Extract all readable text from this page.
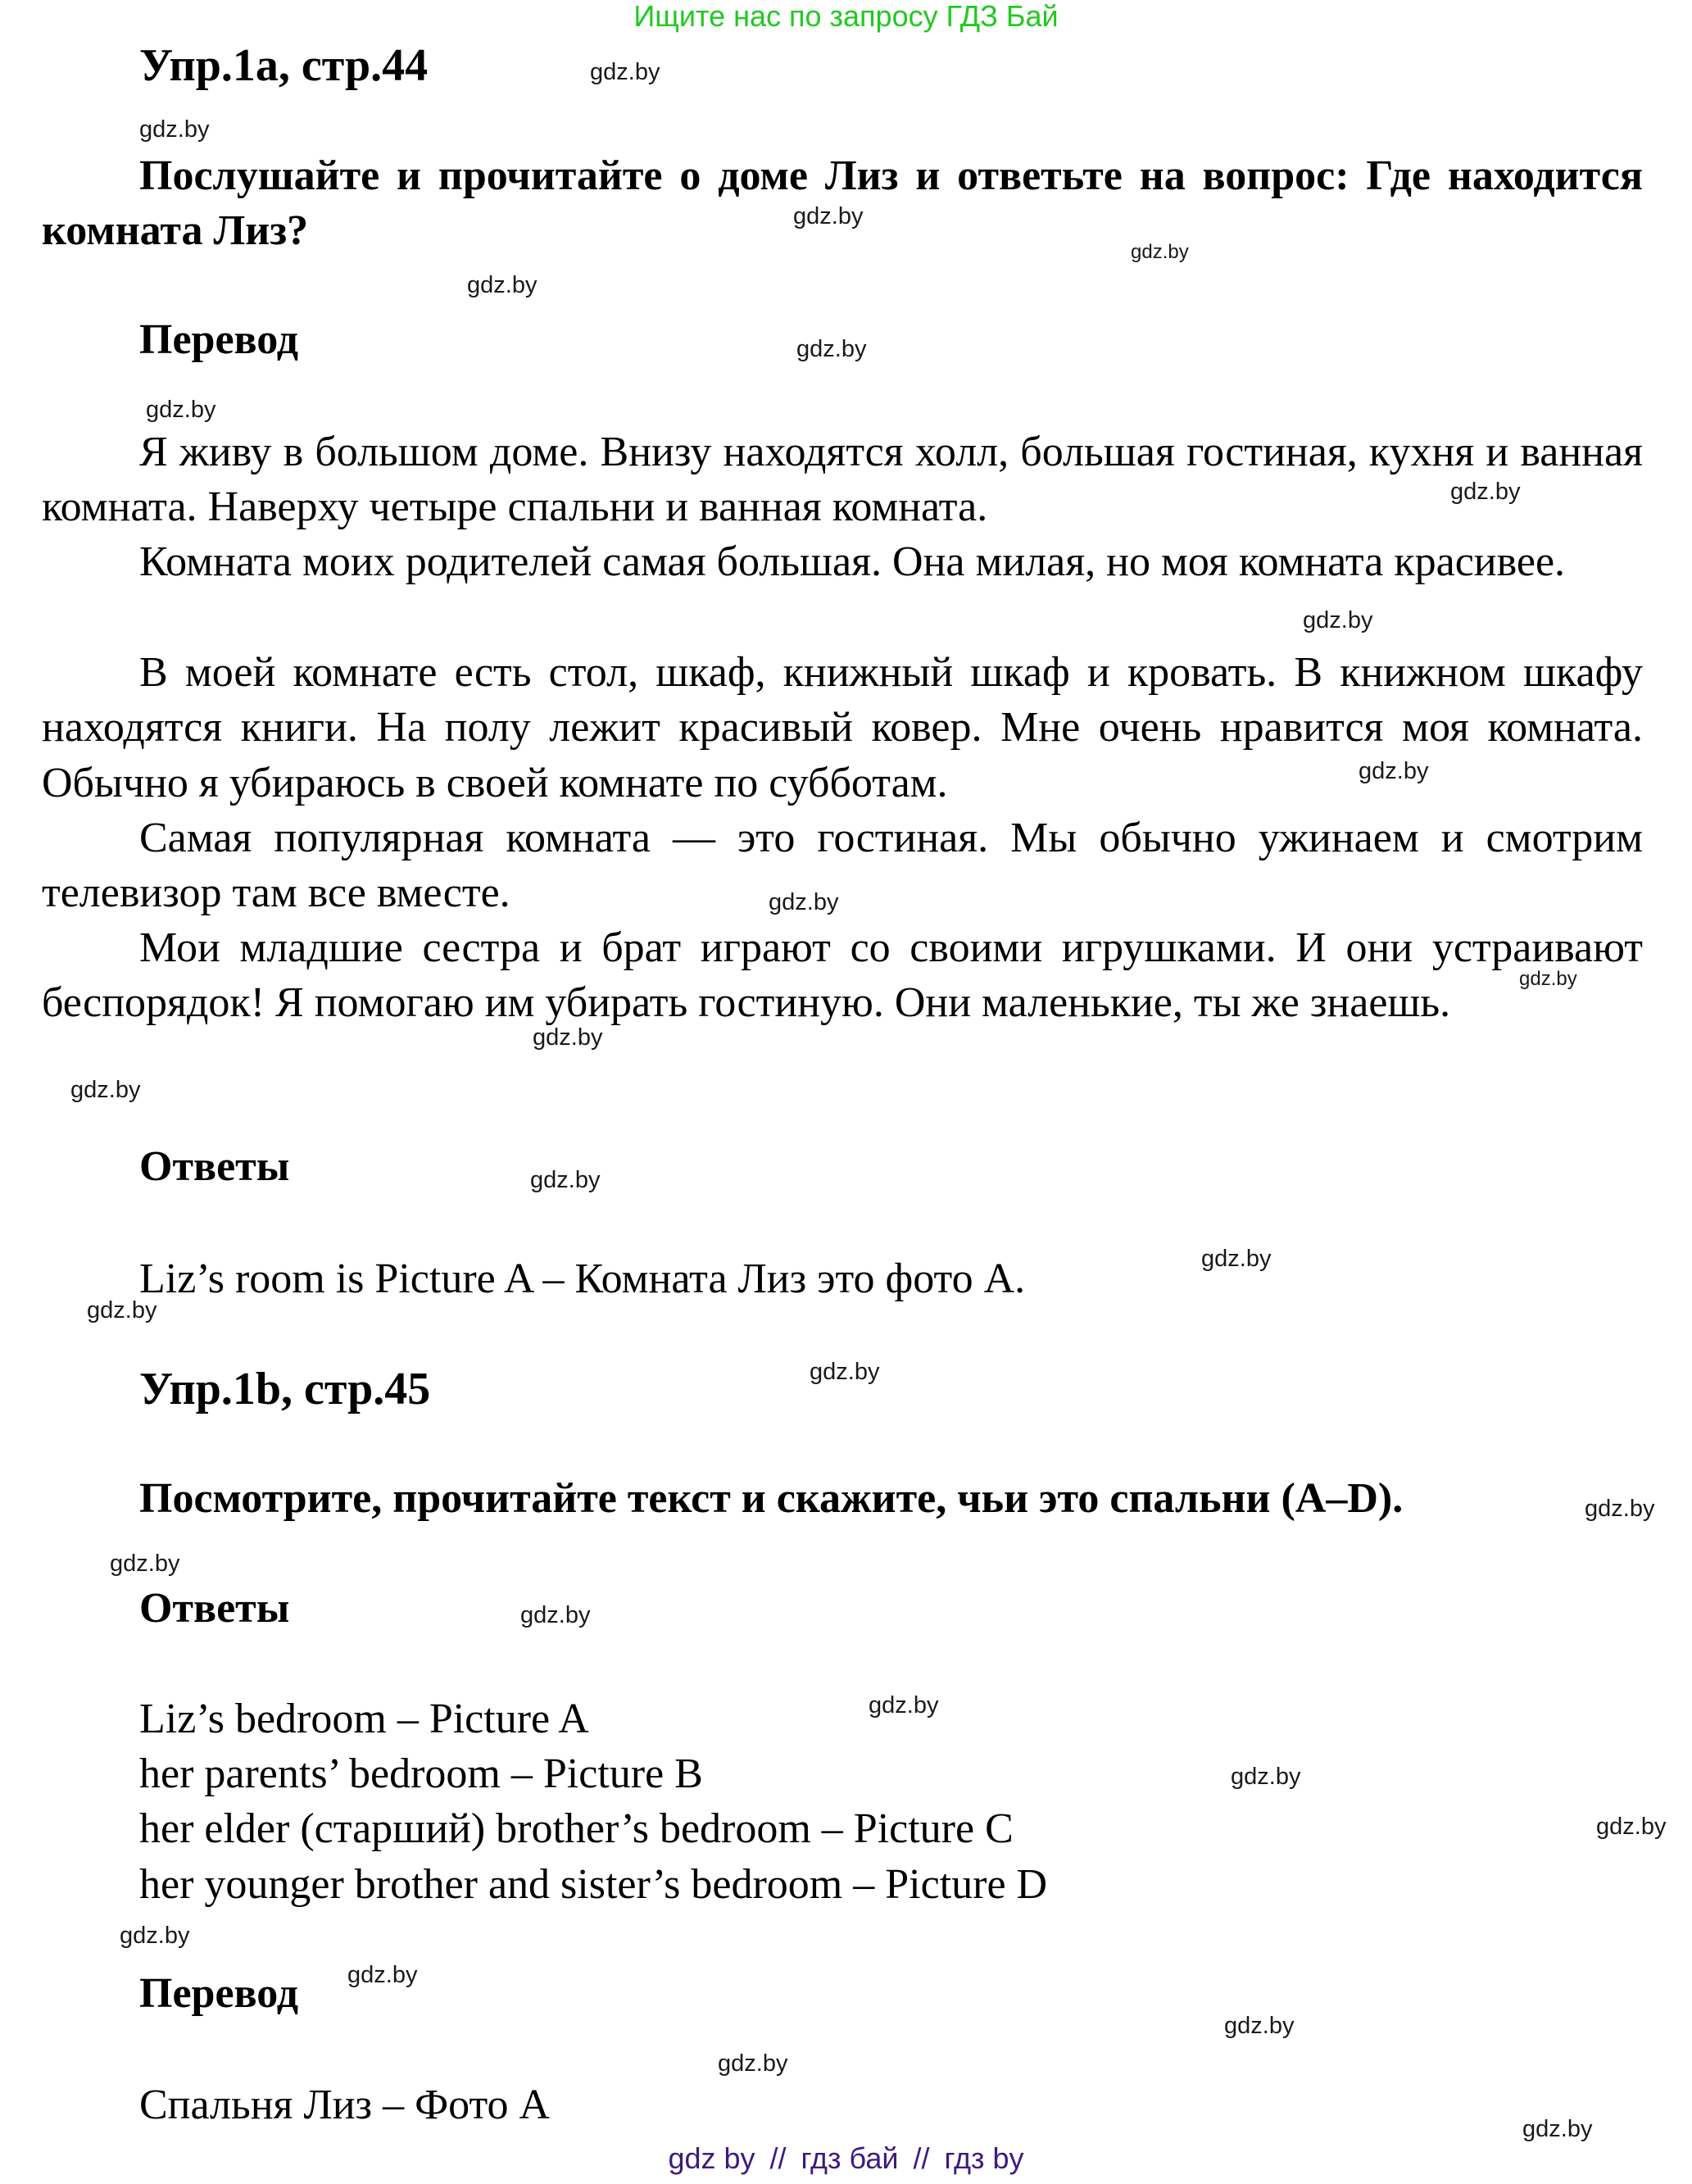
Ищите нас по запросу ГДЗ Бай
Упр.1a, стр.44
Послушайте и прочитайте о доме Лиз и ответьте на вопрос: Где находится комната Лиз?
Перевод

Я живу в большом доме. Внизу находятся холл, большая гостиная, кухня и ванная комната. Наверху четыре спальни и ванная комната.

Комната моих родителей самая большая. Она милая, но моя комната красивее.

В моей комнате есть стол, шкаф, книжный шкаф и кровать. В книжном шкафу находятся книги. На полу лежит красивый ковер. Мне очень нравится моя комната. Обычно я убираюсь в своей комнате по субботам.

Самая популярная комната — это гостиная. Мы обычно ужинаем и смотрим телевизор там все вместе.

Мои младшие сестра и брат играют со своими игрушками. И они устраивают беспорядок! Я помогаю им убирать гостиную. Они маленькие, ты же знаешь.

Ответы
Liz’s room is Picture A – Комната Лиз это фото А.
Упр.1b, стр.45
Посмотрите, прочитайте текст и скажите, чьи это спальни (A–D).
Ответы
Liz’s bedroom – Picture A
her parents’ bedroom – Picture B
her elder (старший) brother’s bedroom – Picture C
her younger brother and sister’s bedroom – Picture D
Перевод
Спальня Лиз – Фото А
gdz.by
gdz.by
gdz.by
gdz.by
gdz.by
gdz.by
gdz.by
gdz.by
gdz.by
gdz.by
gdz.by
gdz.by
gdz.by
gdz.by
gdz.by
gdz.by
gdz.by
gdz.by
gdz.by
gdz.by
gdz.by
gdz.by
gdz.by
gdz.by
gdz.by
gdz.by
gdz.by
gdz.by
gdz.by
gdz by // гдз бай // гдз by
